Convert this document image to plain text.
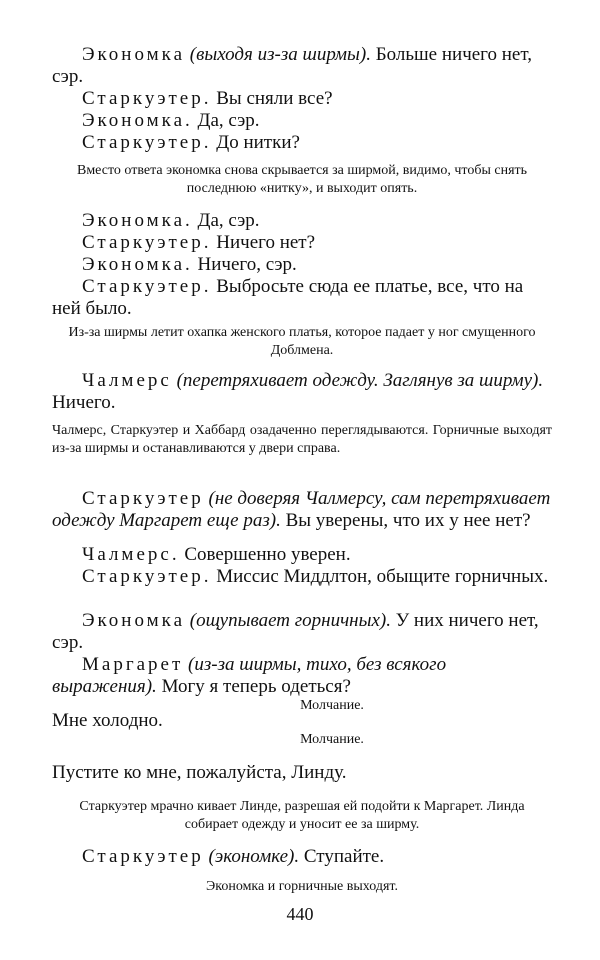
Экономка (выходя из-за ширмы). Больше ничего нет, сэр.

Старкуэтер. Вы сняли все?

Экономка. Да, сэр.

Старкуэтер. До нитки?

Вместо ответа экономка снова скрывается за ширмой, видимо, чтобы снять последнюю «нитку», и выходит опять.

Экономка. Да, сэр.

Старкуэтер. Ничего нет?

Экономка. Ничего, сэр.

Старкуэтер. Выбросьте сюда ее платье, все, что на ней было.

Из-за ширмы летит охапка женского платья, которое падает у ног смущенного Доблмена.

Чалмерс (перетряхивает одежду. Заглянув за ширму). Ничего.

Чалмерс, Старкуэтер и Хаббард озадаченно переглядываются. Горничные выходят из-за ширмы и останавливаются у двери справа.

Старкуэтер (не доверяя Чалмерсу, сам перетряхивает одежду Маргарет еще раз). Вы уверены, что их у нее нет?

Чалмерс. Совершенно уверен.

Старкуэтер. Миссис Миддлтон, обыщите горничных.

Экономка (ощупывает горничных). У них ничего нет, сэр.

Маргарет (из-за ширмы, тихо, без всякого выражения). Могу я теперь одеться?

Молчание.

Мне холодно.

Молчание.

Пустите ко мне, пожалуйста, Линду.

Старкуэтер мрачно кивает Линде, разрешая ей подойти к Маргарет. Линда собирает одежду и уносит ее за ширму.

Старкуэтер (экономке). Ступайте.

Экономка и горничные выходят.

440
